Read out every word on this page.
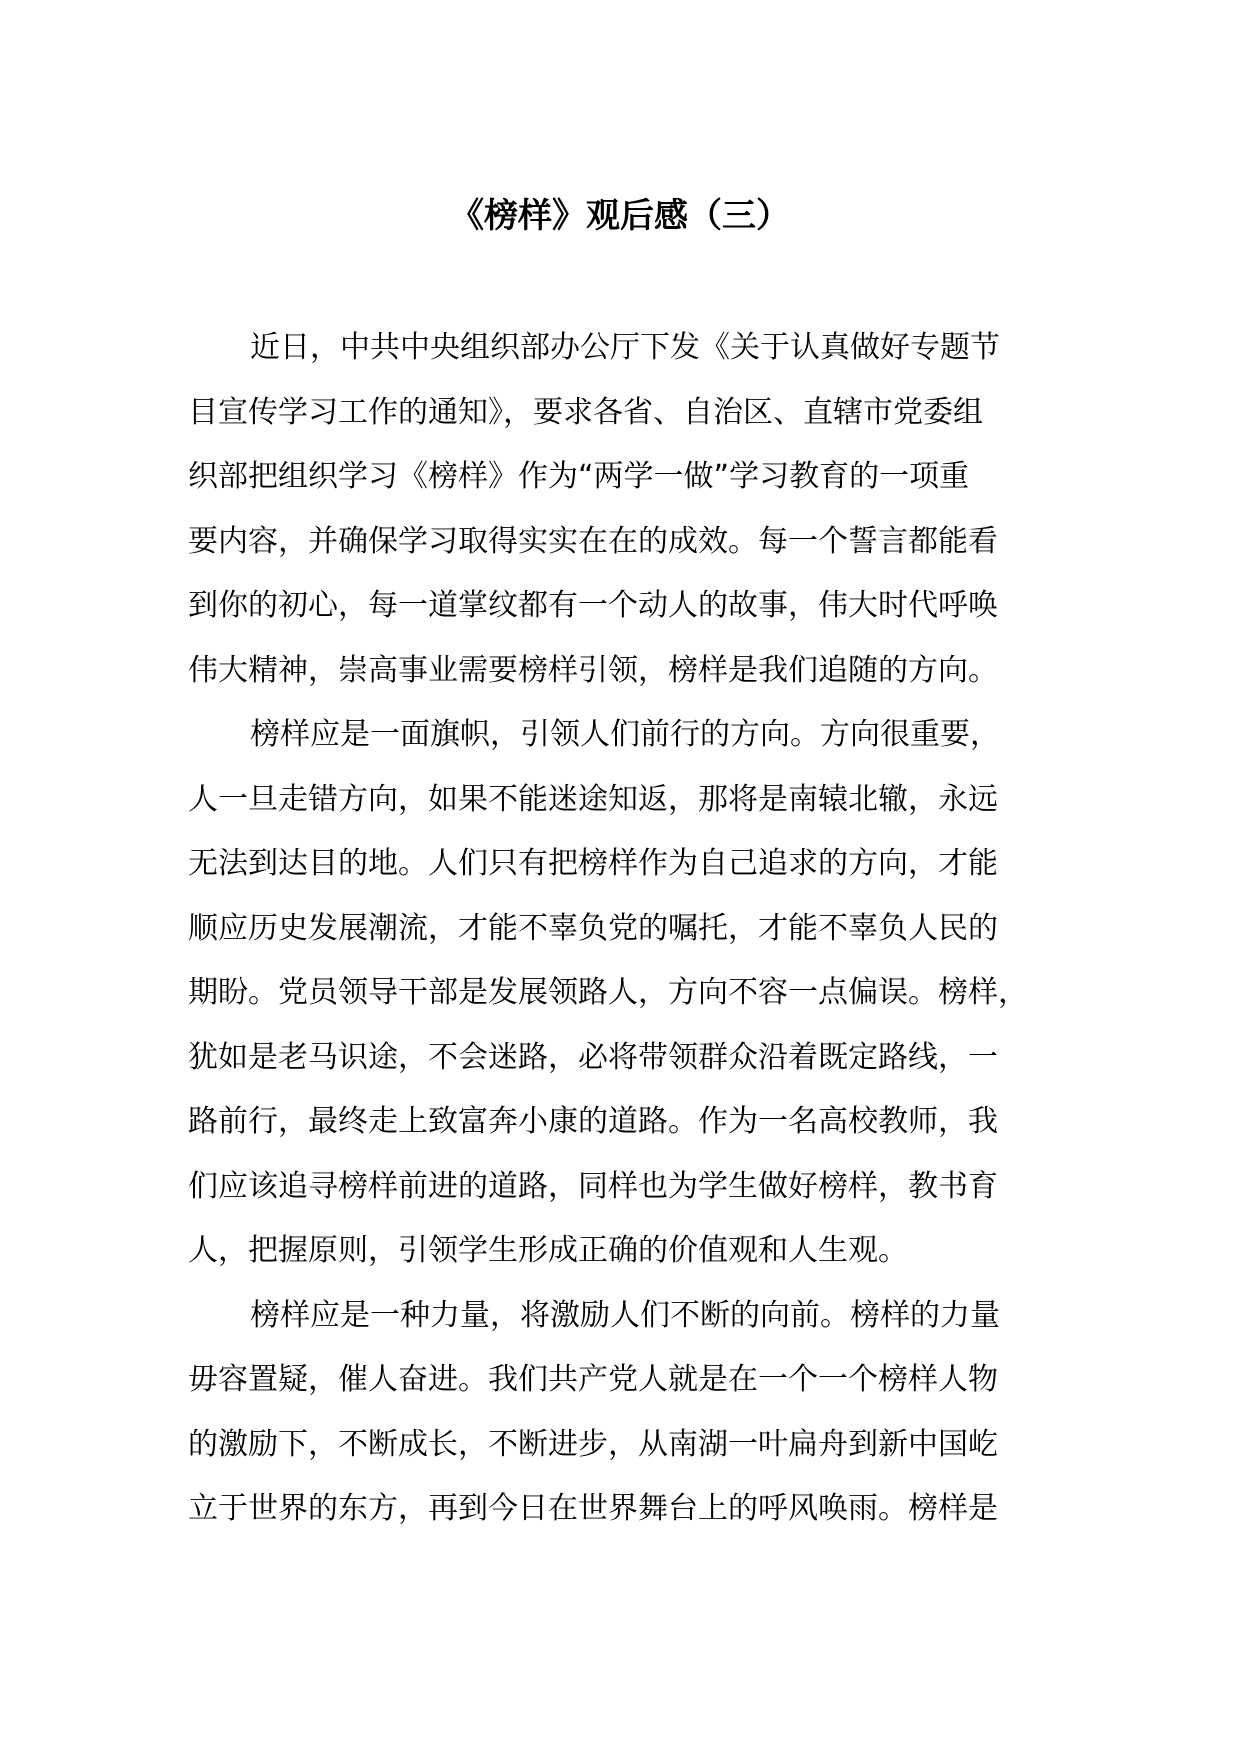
《榜样》观后感（三）

近日，中共中央组织部办公厅下发《关于认真做好专题节
目宣传学习工作的通知》，要求各省、自治区、直辖市党委组
织部把组织学习《榜样》作为“两学一做”学习教育的一项重
要内容，并确保学习取得实实在在的成效。每一个誓言都能看
到你的初心，每一道掌纹都有一个动人的故事，伟大时代呼唤
伟大精神，崇高事业需要榜样引领，榜样是我们追随的方向。

榜样应是一面旗帜，引领人们前行的方向。方向很重要，
人一旦走错方向，如果不能迷途知返，那将是南辕北辙，永远
无法到达目的地。人们只有把榜样作为自己追求的方向，才能
顺应历史发展潮流，才能不辜负党的嘱托，才能不辜负人民的
期盼。党员领导干部是发展领路人，方向不容一点偏误。榜样，
犹如是老马识途，不会迷路，必将带领群众沿着既定路线，一
路前行，最终走上致富奔小康的道路。作为一名高校教师，我
们应该追寻榜样前进的道路，同样也为学生做好榜样，教书育
人，把握原则，引领学生形成正确的价值观和人生观。

榜样应是一种力量，将激励人们不断的向前。榜样的力量
毋容置疑，催人奋进。我们共产党人就是在一个一个榜样人物
的激励下，不断成长，不断进步，从南湖一叶扁舟到新中国屹
立于世界的东方，再到今日在世界舞台上的呼风唤雨。榜样是
